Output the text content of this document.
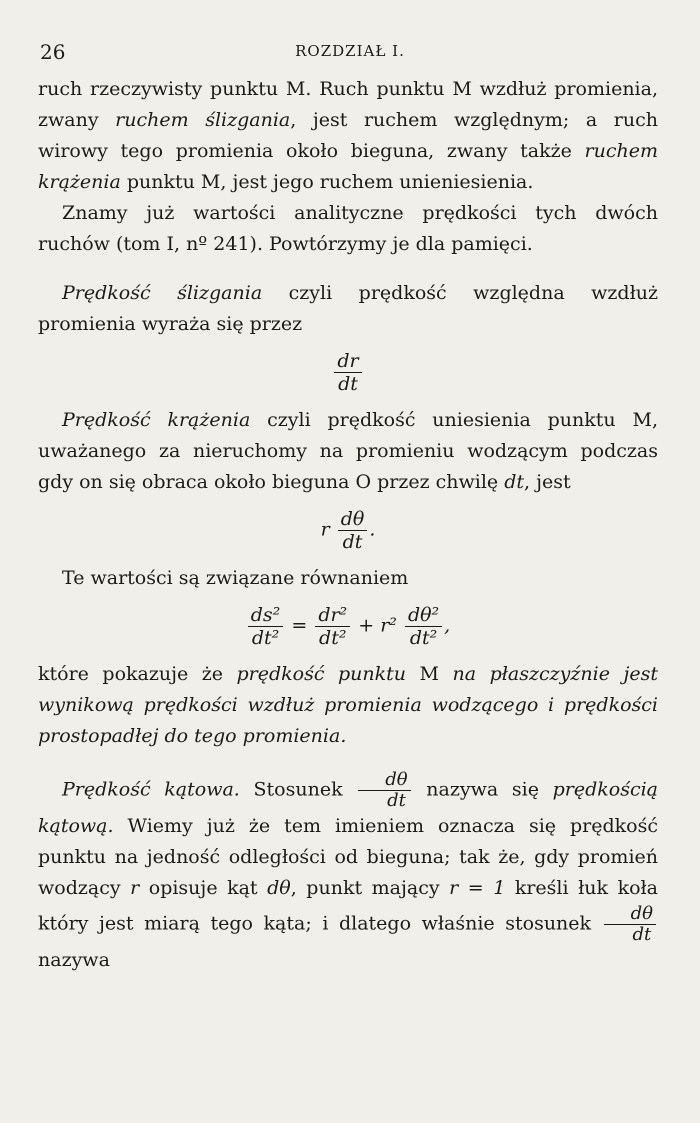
26	ROZDZIAŁ I.

ruch rzeczywisty punktu M. Ruch punktu M wzdłuż promienia, zwany ruchem ślizgania, jest ruchem względnym; a ruch wirowy tego promienia około bieguna, zwany także ruchem krążenia punktu M, jest jego ruchem unieniesienia.

Znamy już wartości analityczne prędkości tych dwóch ruchów (tom I, nº 241). Powtórzymy je dla pamięci.

Prędkość ślizgania czyli prędkość względna wzdłuż promienia wyraża się przez

$\frac{dr}{dt}$

Prędkość krążenia czyli prędkość uniesienia punktu M, uważanego za nieruchomy na promieniu wodzącym podczas gdy on się obraca około bieguna O przez chwilę dt, jest

r $\frac{d\theta}{dt}$ .

Te wartości są związane równaniem

$\frac{\text{ds²}}{\text{dt²}} = \frac{\text{dr²}}{\text{dt²}} + r^2 \frac{\text{dθ²}}{\text{dt²}}$ ,

które pokazuje że prędkość punktu M na płaszczyźnie jest wynikową prędkości wzdłuż promienia wodzącego i prędkości prostopadłej do tego promienia.

Prędkość kątowa. Stosunek $\frac{d\theta}{dt}$ nazywa się prędkością kątową. Wiemy już że tem imieniem oznacza się prędkość punktu na jedność odległości od bieguna; tak że, gdy promień wodzący r opisuje kąt dθ, punkt mający r = 1 kreśli łuk koła który jest miarą tego kąta; i dlatego właśnie stosunek $\frac{d\theta}{dt}$
nazywa
